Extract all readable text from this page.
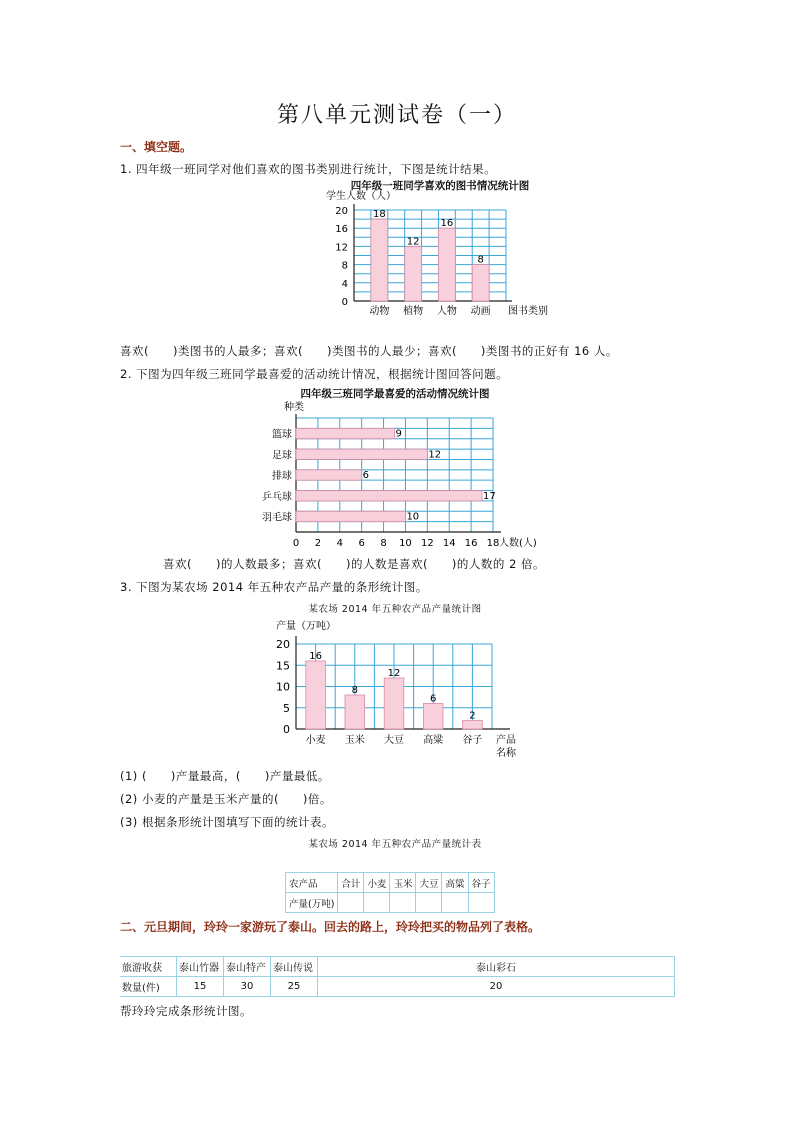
第八单元测试卷（一）
一、填空题。
1. 四年级一班同学对他们喜欢的图书类别进行统计，下图是统计结果。
四年级一班同学喜欢的图书情况统计图
学生人数（人）
0
4
8
12
16
20 18
动物
12
植物
16
人物
8
动画 图书类别
喜欢(　　)类图书的人最多；喜欢(　　)类图书的人最少；喜欢(　　)类图书的正好有 16 人。
2. 下图为四年级三班同学最喜爱的活动统计情况，根据统计图回答问题。
四年级三班同学最喜爱的活动情况统计图
种类
0 2 4 6 8 10 12 14 16 18 人数(人)
9
篮球
12
足球
6
排球
17
乒乓球
10
羽毛球
喜欢(　　)的人数最多；喜欢(　　)的人数是喜欢(　　)的人数的 2 倍。
3. 下图为某农场 2014 年五种农产品产量的条形统计图。
某农场 2014 年五种农产品产量统计图
产量（万吨）
0
5
10
15
20
16
小麦
8
玉米
12
大豆
6
高粱
2
谷子 产品
名称
(1) (　　)产量最高，(　　)产量最低。
(2) 小麦的产量是玉米产量的(　　)倍。
(3) 根据条形统计图填写下面的统计表。
某农场 2014 年五种农产品产量统计表
农产品	合计	小麦	玉米	大豆	高粱	谷子
产量(万吨)						
二、元旦期间，玲玲一家游玩了泰山。回去的路上，玲玲把买的物品列了表格。
旅游收获	泰山竹器	泰山特产	泰山传说	泰山彩石
数量(件)	15	30	25	20
帮玲玲完成条形统计图。
